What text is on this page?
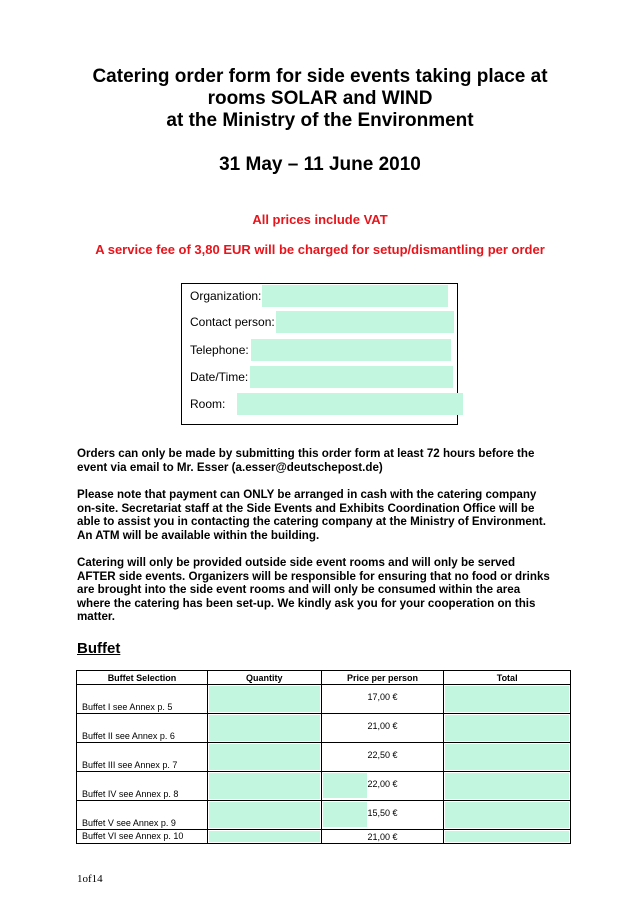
Catering order form for side events taking place at
rooms SOLAR and WIND
at the Ministry of the Environment
31 May – 11 June 2010
All prices include VAT
A service fee of 3,80 EUR will be charged for setup/dismantling per order
Organization:
Contact person:
Telephone:
Date/Time:
Room:
Orders can only be made by submitting this order form at least 72 hours before the
event via email to Mr. Esser (a.esser@deutschepost.de)
Please note that payment can ONLY be arranged in cash with the catering company
on-site. Secretariat staff at the Side Events and Exhibits Coordination Office will be
able to assist you in contacting the catering company at the Ministry of Environment.
An ATM will be available within the building.
Catering will only be provided outside side event rooms and will only be served
AFTER side events. Organizers will be responsible for ensuring that no food or drinks
are brought into the side event rooms and will only be consumed within the area
where the catering has been set-up. We kindly ask you for your cooperation on this
matter.
Buffet
Buffet Selection	Quantity	Price per person	Total
Buffet I see Annex p. 5		17,00 €	

Buffet II see Annex p. 6		21,00 €	

Buffet III see Annex p. 7		22,50 €	

Buffet IV see Annex p. 8		22,00 €	

Buffet V see Annex p. 9		15,50 €	

Buffet VI see Annex p. 10		21,00 €	
1of14
